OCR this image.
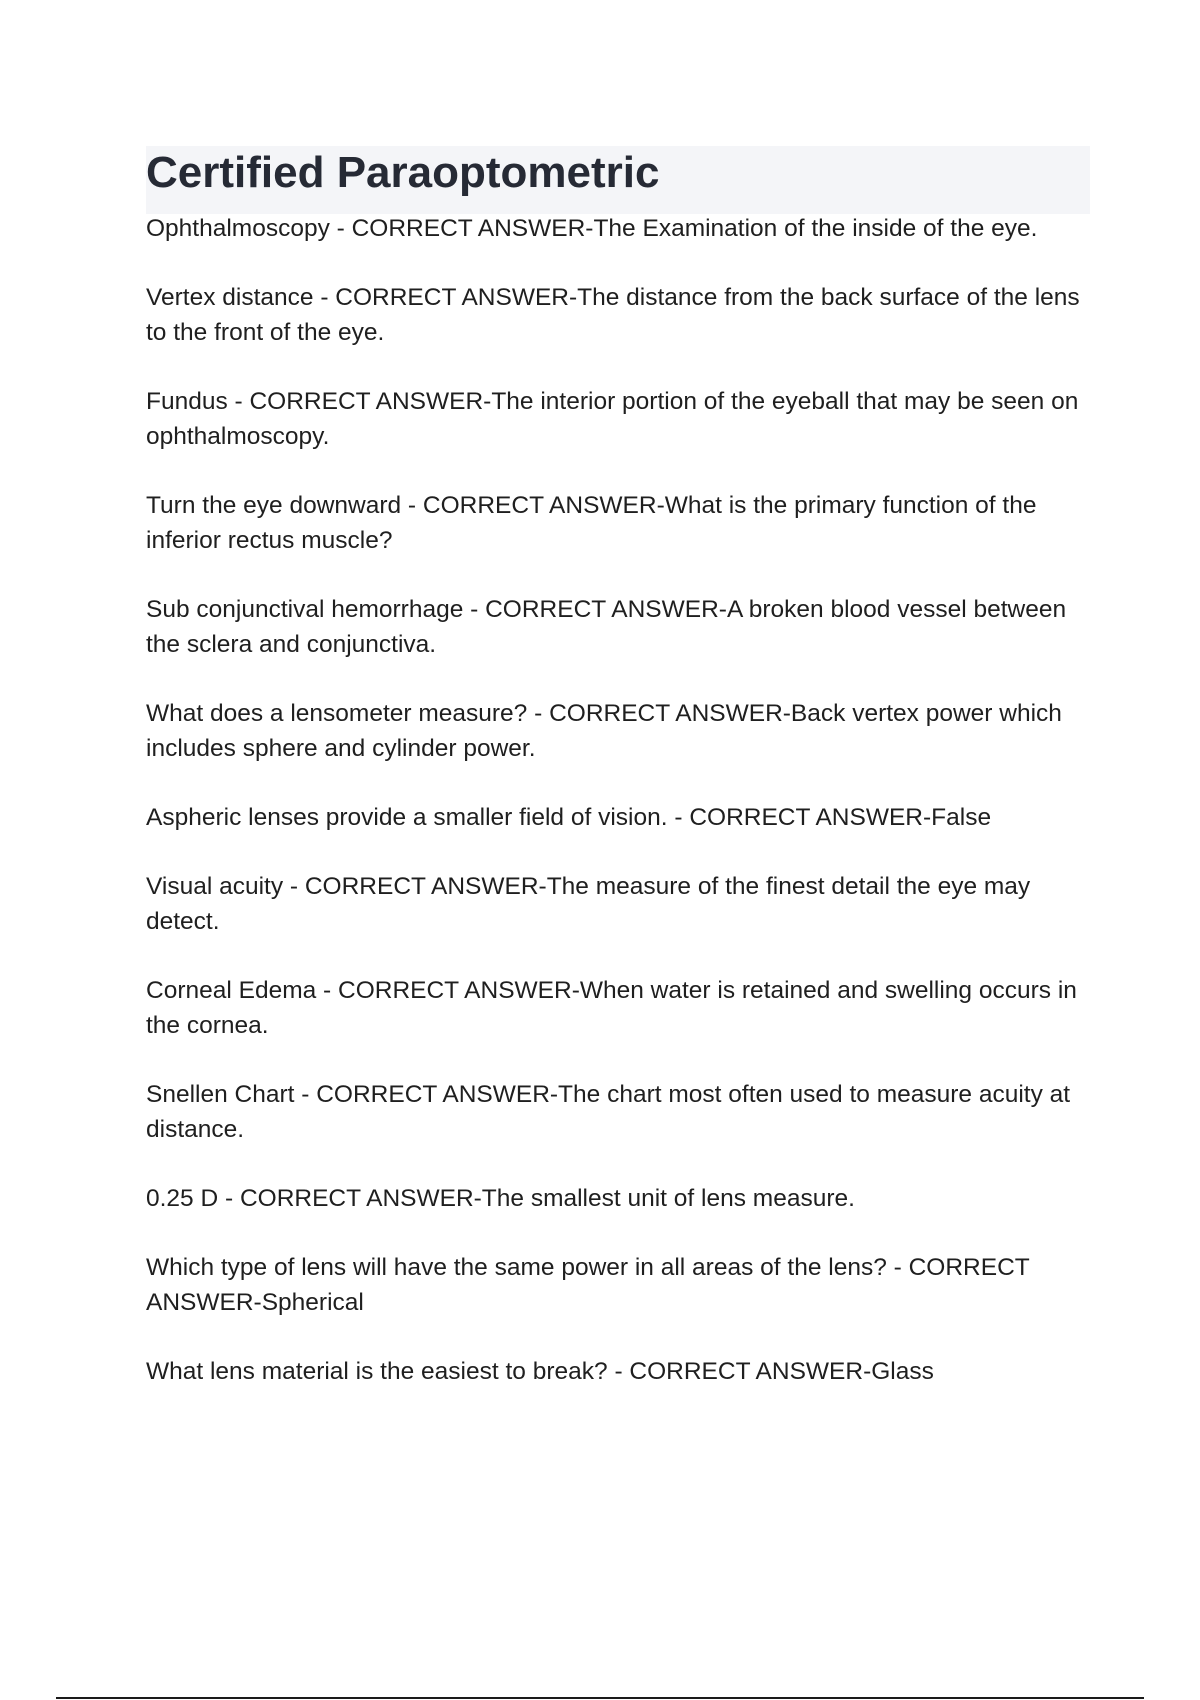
Certified Paraoptometric

Ophthalmoscopy - CORRECT ANSWER-The Examination of the inside of the eye.

Vertex distance - CORRECT ANSWER-The distance from the back surface of the lens to the front of the eye.

Fundus - CORRECT ANSWER-The interior portion of the eyeball that may be seen on ophthalmoscopy.

Turn the eye downward - CORRECT ANSWER-What is the primary function of the inferior rectus muscle?

Sub conjunctival hemorrhage - CORRECT ANSWER-A broken blood vessel between the sclera and conjunctiva.

What does a lensometer measure? - CORRECT ANSWER-Back vertex power which includes sphere and cylinder power.

Aspheric lenses provide a smaller field of vision. - CORRECT ANSWER-False

Visual acuity - CORRECT ANSWER-The measure of the finest detail the eye may detect.

Corneal Edema - CORRECT ANSWER-When water is retained and swelling occurs in the cornea.

Snellen Chart - CORRECT ANSWER-The chart most often used to measure acuity at distance.

0.25 D - CORRECT ANSWER-The smallest unit of lens measure.

Which type of lens will have the same power in all areas of the lens? - CORRECT ANSWER-Spherical

What lens material is the easiest to break? - CORRECT ANSWER-Glass
